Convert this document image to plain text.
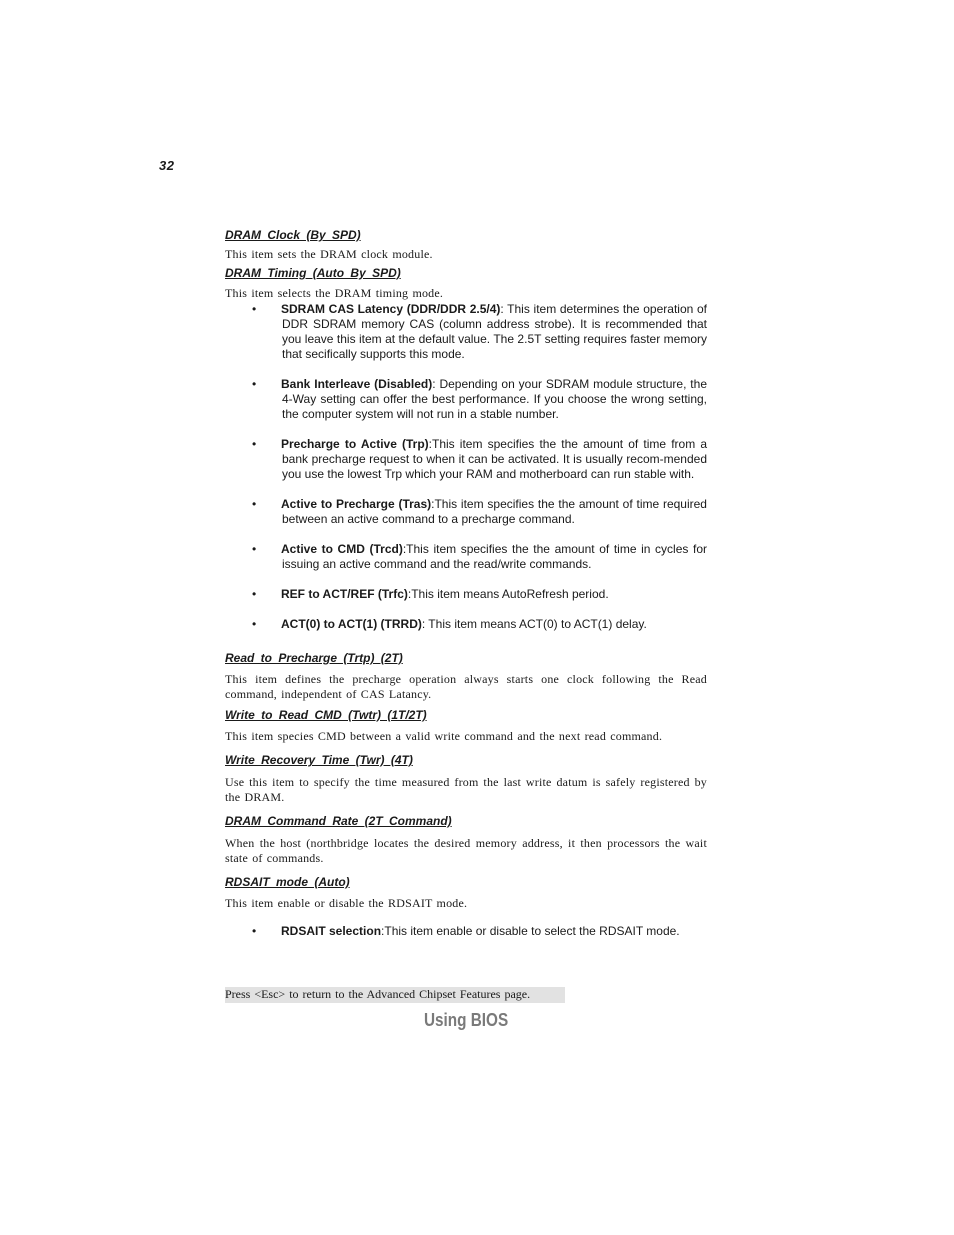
32

DRAM Clock (By SPD)

This item sets the DRAM clock module.

DRAM Timing (Auto By SPD)

This item selects the DRAM timing mode.

• SDRAM CAS Latency (DDR/DDR 2.5/4): This item determines the operation of DDR SDRAM memory CAS (column address strobe). It is recommended that you leave this item at the default value. The 2.5T setting requires faster memory that secifically supports this mode.
• Bank Interleave (Disabled): Depending on your SDRAM module structure, the 4-Way setting can offer the best performance. If you choose the wrong setting, the computer system will not run in a stable number.
• Precharge to Active (Trp):This item specifies the the amount of time from a bank precharge request to when it can be activated. It is usually recom-mended you use the lowest Trp which your RAM and motherboard can run stable with.
• Active to Precharge (Tras):This item specifies the the amount of time required between an active command to a precharge command.
• Active to CMD (Trcd):This item specifies the the amount of time in cycles for issuing an active command and the read/write commands.
• REF to ACT/REF (Trfc):This item means AutoRefresh period.
• ACT(0) to ACT(1) (TRRD): This item means ACT(0) to ACT(1) delay.

Read to Precharge (Trtp) (2T)

This item defines the precharge operation always starts one clock following the Read command, independent of CAS Latancy.

Write to Read CMD (Twtr) (1T/2T)

This item species CMD between a valid write command and the next read command.

Write Recovery Time (Twr) (4T)

Use this item to specify the time measured from the last write datum is safely registered by the DRAM.

DRAM Command Rate (2T Command)

When the host (northbridge locates the desired memory address, it then processors the wait state of commands.

RDSAIT mode (Auto)

This item enable or disable the RDSAIT mode.

• RDSAIT selection:This item enable or disable to select the RDSAIT mode.
Press <Esc> to return to the Advanced Chipset Features page.
Using BIOS
